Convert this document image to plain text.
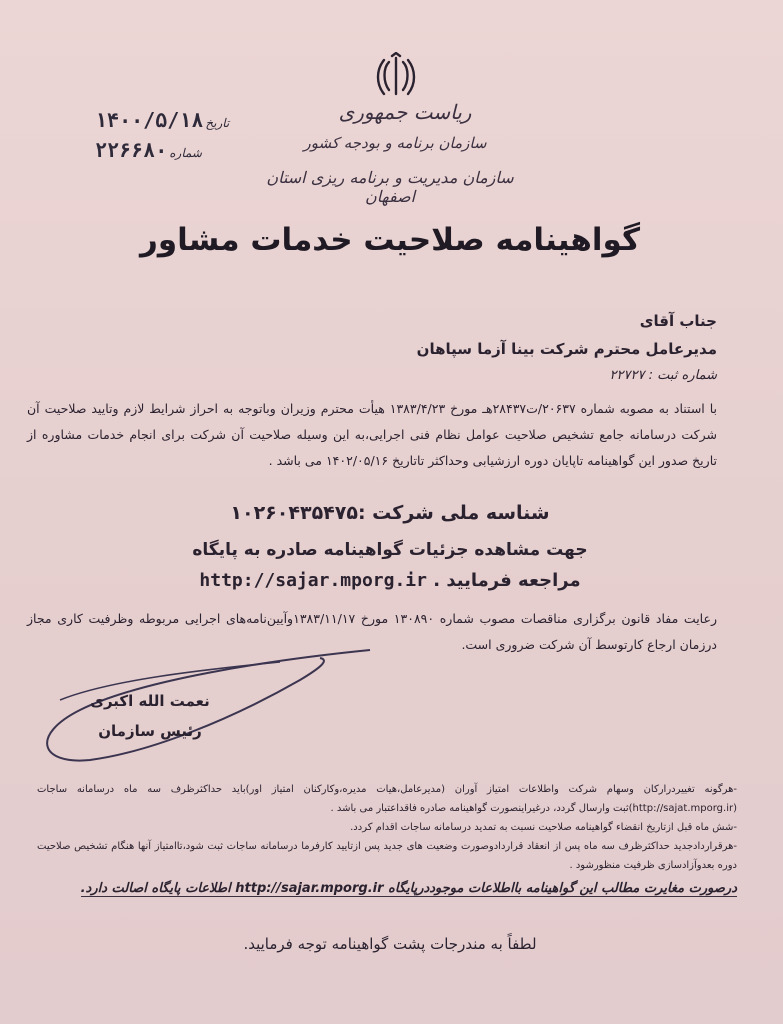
ریاست جمهوری
سازمان برنامه و بودجه کشور
سازمان مدیریت و برنامه ریزی استان اصفهان
۱۴۰۰/۵/۱۸ تاریخ
۲۲۶۶۸۰ شماره
گواهینامه صلاحیت خدمات مشاور
جناب آقای
مدیرعامل محترم شرکت بینا آزما سپاهان
شماره ثبت : ۲۲۷۲۷
با استناد به مصوبه شماره ۲۰۶۳۷/ت۲۸۴۳۷هـ مورخ ۱۳۸۳/۴/۲۳ هیأت محترم وزیران وباتوجه به احراز شرایط لازم وتایید صلاحیت آن شرکت درسامانه جامع تشخیص صلاحیت عوامل نظام فنی اجرایی،به این وسیله صلاحیت آن شرکت برای انجام خدمات مشاوره از تاریخ صدور این گواهینامه تاپایان دوره ارزشیابی وحداکثر تاتاریخ ۱۴۰۲/۰۵/۱۶ می باشد .
شناسه ملی شرکت :۱۰۲۶۰۴۳۵۴۷۵
جهت مشاهده جزئیات گواهینامه صادره به پایگاه
مراجعه فرمایید . http://sajar.mporg.ir
رعایت مفاد قانون برگزاری مناقصات مصوب شماره ۱۳۰۸۹۰ مورخ ۱۳۸۳/۱۱/۱۷وآیین‌نامه‌های اجرایی مربوطه وظرفیت کاری مجاز درزمان ارجاع کارتوسط آن شرکت ضروری است.
نعمت الله اکبری
رئیس سازمان
-هرگونه تغییردرارکان وسهام شرکت واطلاعات امتیاز آوران (مدیرعامل،هیات مدیره،وکارکنان امتیاز اور)باید حداکثرظرف سه ماه درسامانه ساجات (http://sajat.mporg.ir)ثبت وارسال گردد، درغیراینصورت گواهینامه صادره فاقداعتبار می باشد .
-شش ماه قبل ازتاریخ انقضاء گواهینامه صلاحیت نسبت به تمدید درسامانه ساجات اقدام کردد.
-هرقراردادجدید حداکثرظرف سه ماه پس از انعقاد قراردادوصورت وضعیت های جدید پس ازتایید کارفرما درسامانه ساجات ثبت شود،تاامتیاز آنها هنگام تشخیص صلاحیت دوره بعدوآزادسازی ظرفیت منظورشود .
درصورت مغایرت مطالب این گواهینامه بااطلاعات موجوددرپایگاه http://sajar.mporg.ir اطلاعات پایگاه اصالت دارد.
لطفاً به مندرجات پشت گواهینامه توجه فرمایید.
